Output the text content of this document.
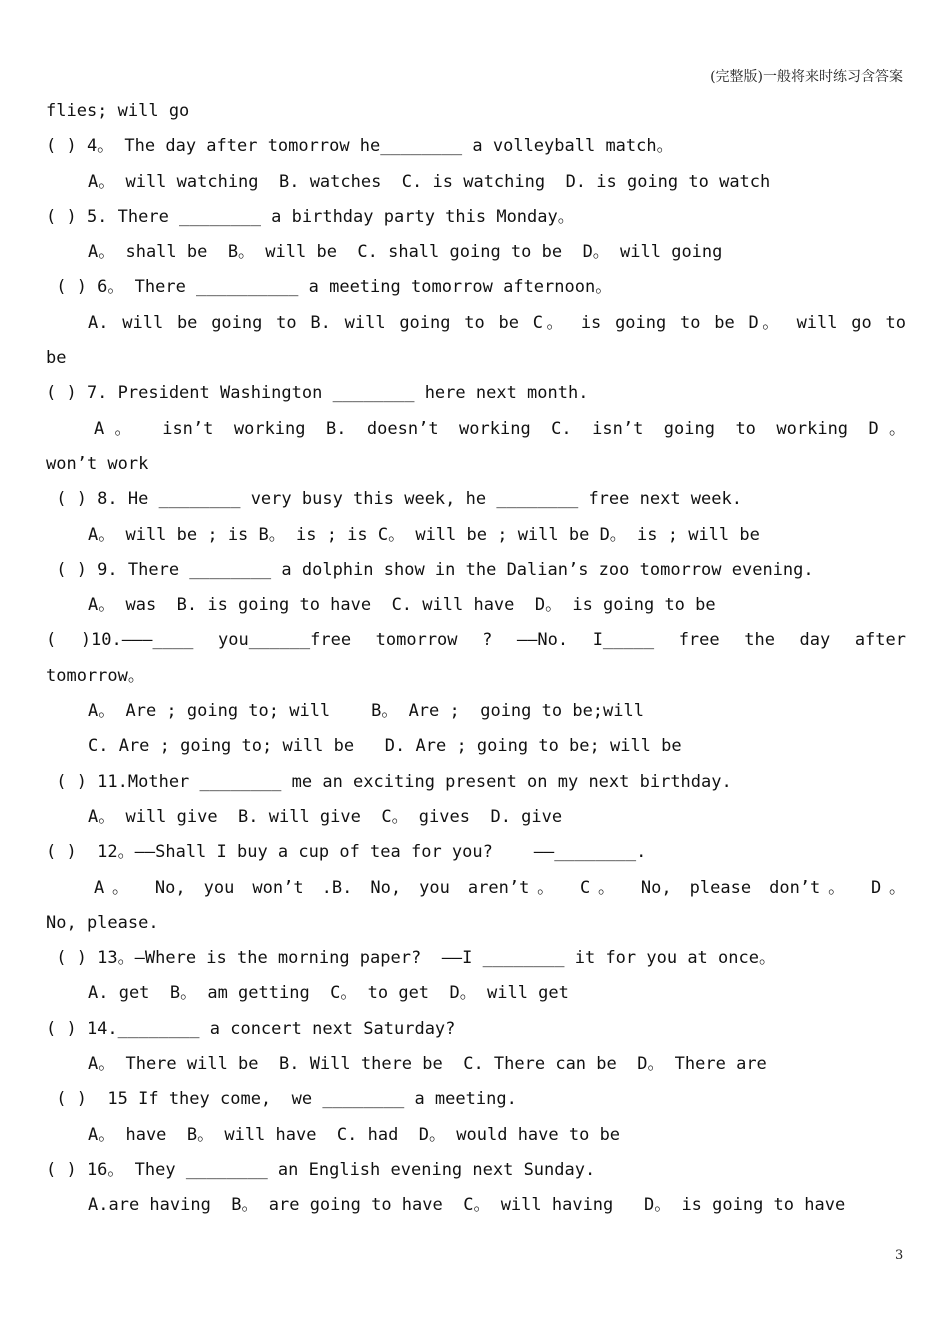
(完整版)一般将来时练习含答案
flies; will go
( ) 4。 The day after tomorrow he________ a volleyball match。
A。 will watching  B. watches  C. is watching  D. is going to watch
( ) 5. There ________ a birthday party this Monday。
A。 shall be  B。 will be  C. shall going to be  D。 will going
( ) 6。 There __________ a meeting tomorrow afternoon。
A. will be going to B. will going to be C。 is going to be D。 will go to
be
( ) 7. President Washington ________ here next month.
A。 isn’t working B. doesn’t working C. isn’t going to working D。
won’t work
( ) 8. He ________ very busy this week, he ________ free next week.
A。 will be ; is B。 is ; is C。 will be ; will be D。 is ; will be
( ) 9. There ________ a dolphin show in the Dalian’s zoo tomorrow evening.
A。 was  B. is going to have  C. will have  D。 is going to be
( )10.———____ you______free tomorrow ? ——No. I_____ free the day after
tomorrow。
A。 Are ; going to; will    B。 Are ;  going to be;will
C. Are ; going to; will be   D. Are ; going to be; will be
( ) 11.Mother ________ me an exciting present on my next birthday.
A。 will give  B. will give  C。 gives  D. give
( )  12。——Shall I buy a cup of tea for you?    ——________.
A。 No, you won’t .B. No, you aren’t。 C。 No, please don’t。 D。
No, please.
( ) 13。—Where is the morning paper?  ——I ________ it for you at once。
A. get  B。 am getting  C。 to get  D。 will get
( ) 14.________ a concert next Saturday?
A。 There will be  B. Will there be  C. There can be  D。 There are
( )  15 If they come,  we ________ a meeting.
A。 have  B。 will have  C. had  D。 would have to be
( ) 16。 They ________ an English evening next Sunday.
A.are having  B。 are going to have  C。 will having   D。 is going to have
3
